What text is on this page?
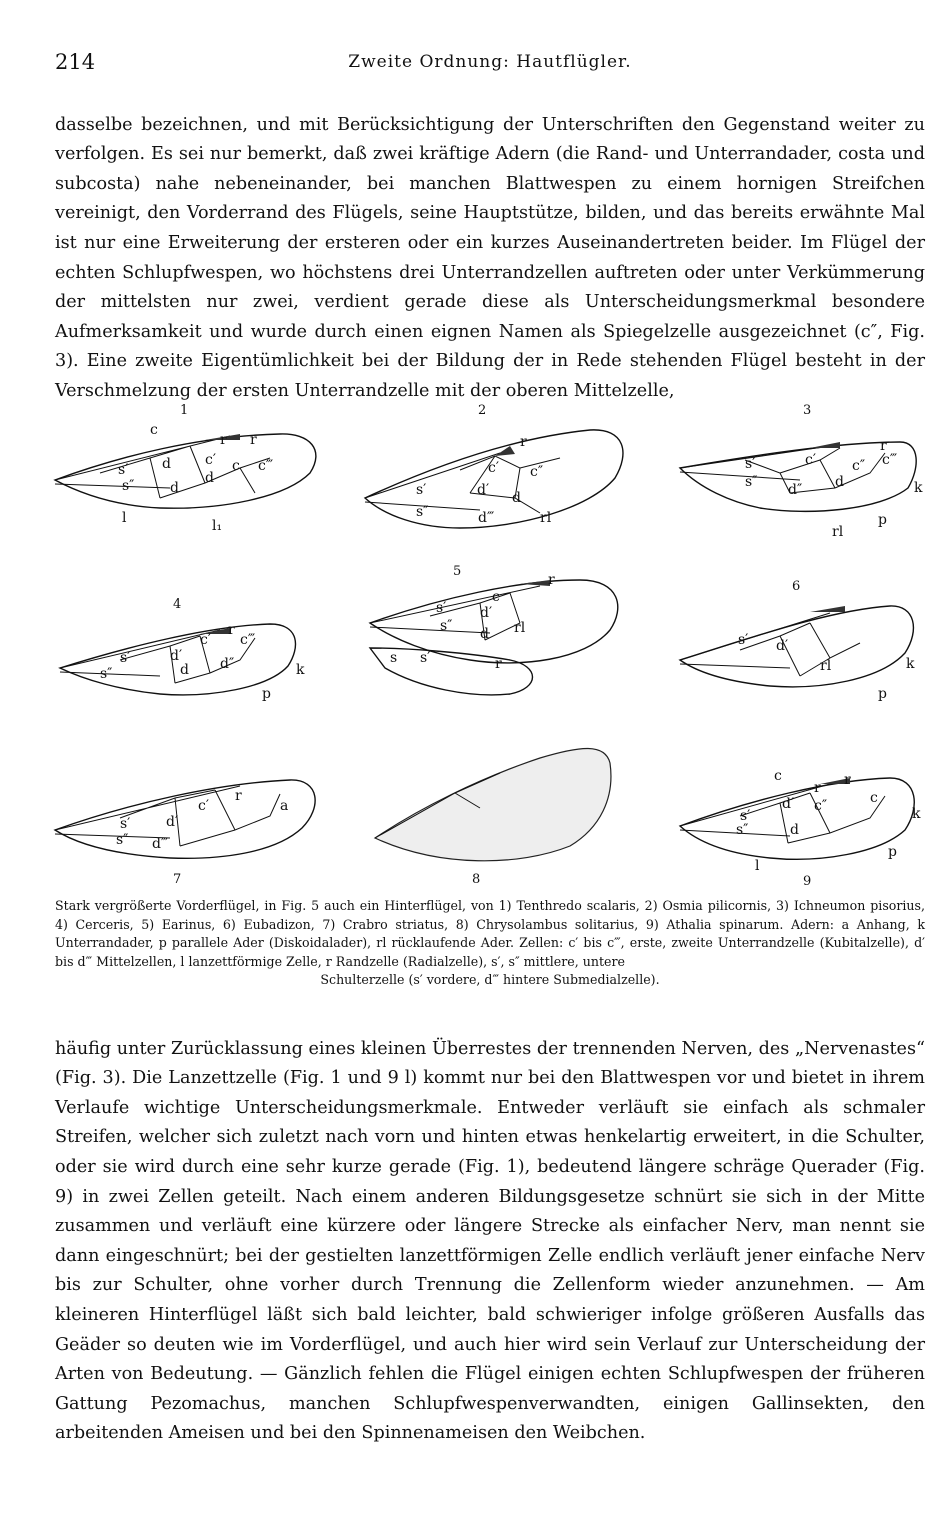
214	Zweite Ordnung: Hautflügler.

dasselbe bezeichnen, und mit Berücksichtigung der Unterschriften den Gegenstand weiter zu verfolgen. Es sei nur bemerkt, daß zwei kräftige Adern (die Rand- und Unterrandader, costa und subcosta) nahe nebeneinander, bei manchen Blattwespen zu einem hornigen Streifchen vereinigt, den Vorderrand des Flügels, seine Hauptstütze, bilden, und das bereits erwähnte Mal ist nur eine Erweiterung der ersteren oder ein kurzes Auseinandertreten beider. Im Flügel der echten Schlupfwespen, wo höchstens drei Unterrandzellen auftreten oder unter Verkümmerung der mittelsten nur zwei, verdient gerade diese als Unterscheidungsmerkmal besondere Aufmerksamkeit und wurde durch einen eignen Namen als Spiegelzelle ausgezeichnet (c″, Fig. 3). Eine zweite Eigentümlichkeit bei der Bildung der in Rede stehenden Flügel besteht in der Verschmelzung der ersten Unterrandzelle mit der oberen Mittelzelle,

1
c
r r
s′ d c′ c c‴
s″	d
d
l	l₁
2
r
c′ c″
s′	d′ d
s″	d‴	rl
3
r
s′	c′	c″ c‴
s″ d″ d	k
rl
p
4
r
c′ c‴
s′	d′
s″	d d″	k
p
5
r
c
s′ d′
s″ d rl
s s′	r
6
s′ d′
rl	k
p
7
r
c′	a
s′	d′
s″ d‴
8	9
c
r r
d′ c″	c
s′
d
s″
k
p
l
Stark vergrößerte Vorderflügel, in Fig. 5 auch ein Hinterflügel, von 1) Tenthredo scalaris, 2) Osmia pilicornis, 3) Ichneumon pisorius, 4) Cerceris, 5) Earinus, 6) Eubadizon, 7) Crabro striatus, 8) Chrysolambus solitarius, 9) Athalia spinarum. Adern: a Anhang, k Unterrandader, p parallele Ader (Diskoidalader), rl rücklaufende Ader. Zellen: c′ bis c‴, erste, zweite Unterrandzelle (Kubitalzelle), d′ bis d‴ Mittelzellen, l lanzettförmige Zelle, r Randzelle (Radialzelle), s′, s″ mittlere, untere
Schulterzelle (s′ vordere, d‴ hintere Submedialzelle).

häufig unter Zurücklassung eines kleinen Überrestes der trennenden Nerven, des „Nervenastes“ (Fig. 3). Die Lanzettzelle (Fig. 1 und 9 l) kommt nur bei den Blattwespen vor und bietet in ihrem Verlaufe wichtige Unterscheidungsmerkmale. Entweder verläuft sie einfach als schmaler Streifen, welcher sich zuletzt nach vorn und hinten etwas henkelartig erweitert, in die Schulter, oder sie wird durch eine sehr kurze gerade (Fig. 1), bedeutend längere schräge Querader (Fig. 9) in zwei Zellen geteilt. Nach einem anderen Bildungsgesetze schnürt sie sich in der Mitte zusammen und verläuft eine kürzere oder längere Strecke als einfacher Nerv, man nennt sie dann eingeschnürt; bei der gestielten lanzettförmigen Zelle endlich verläuft jener einfache Nerv bis zur Schulter, ohne vorher durch Trennung die Zellenform wieder anzunehmen. — Am kleineren Hinterflügel läßt sich bald leichter, bald schwieriger infolge größeren Ausfalls das Geäder so deuten wie im Vorderflügel, und auch hier wird sein Verlauf zur Unterscheidung der Arten von Bedeutung. — Gänzlich fehlen die Flügel einigen echten Schlupfwespen der früheren Gattung Pezomachus, manchen Schlupfwespenverwandten, einigen Gallinsekten, den arbeitenden Ameisen und bei den Spinnenameisen den Weibchen.
